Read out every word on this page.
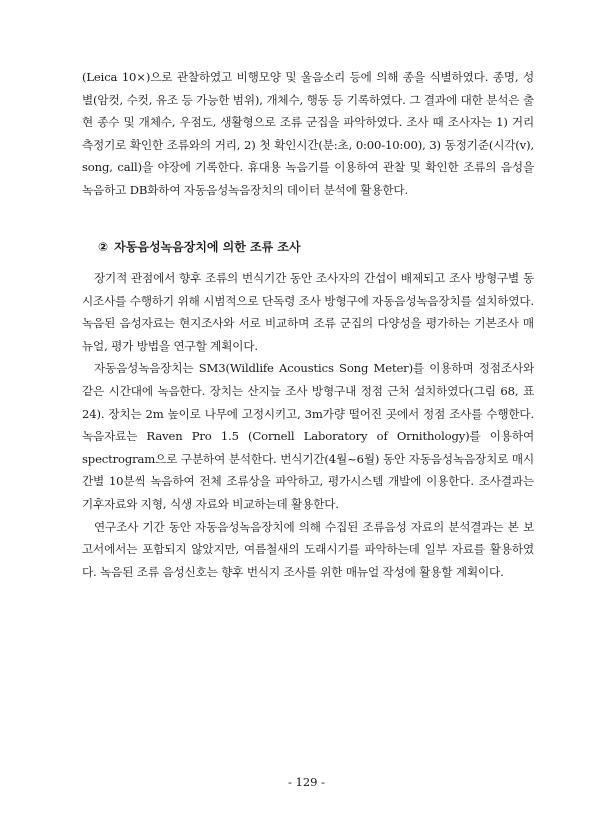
(Leica 10×)으로 관찰하였고 비행모양 및 울음소리 등에 의해 종을 식별하였다. 종명, 성별(암컷, 수컷, 유조 등 가능한 범위), 개체수, 행동 등 기록하였다. 그 결과에 대한 분석은 출현 종수 및 개체수, 우점도, 생활형으로 조류 군집을 파악하였다. 조사 때 조사자는 1) 거리측정기로 확인한 조류와의 거리, 2) 첫 확인시간(분:초, 0:00-10:00), 3) 동정기준(시각(v), song, call)을 야장에 기록한다. 휴대용 녹음기를 이용하여 관찰 및 확인한 조류의 음성을 녹음하고 DB화하여 자동음성녹음장치의 데이터 분석에 활용한다.

② 자동음성녹음장치에 의한 조류 조사

장기적 관점에서 향후 조류의 번식기간 동안 조사자의 간섭이 배제되고 조사 방형구별 동시조사를 수행하기 위해 시범적으로 단독령 조사 방형구에 자동음성녹음장치를 설치하였다. 녹음된 음성자료는 현지조사와 서로 비교하며 조류 군집의 다양성을 평가하는 기본조사 매뉴얼, 평가 방법을 연구할 계획이다.

자동음성녹음장치는 SM3(Wildlife Acoustics Song Meter)를 이용하며 정점조사와 같은 시간대에 녹음한다. 장치는 산지늪 조사 방형구내 정점 근처 설치하였다(그림 68, 표 24). 장치는 2m 높이로 나무에 고정시키고, 3m가량 떨어진 곳에서 정점 조사를 수행한다. 녹음자료는 Raven Pro 1.5 (Cornell Laboratory of Ornithology)를 이용하여 spectrogram으로 구분하여 분석한다. 번식기간(4월~6월) 동안 자동음성녹음장치로 매시간별 10분씩 녹음하여 전체 조류상을 파악하고, 평가시스템 개발에 이용한다. 조사결과는 기후자료와 지형, 식생 자료와 비교하는데 활용한다.

연구조사 기간 동안 자동음성녹음장치에 의해 수집된 조류음성 자료의 분석결과는 본 보고서에서는 포함되지 않았지만, 여름철새의 도래시기를 파악하는데 일부 자료를 활용하였다. 녹음된 조류 음성신호는 향후 번식지 조사를 위한 매뉴얼 작성에 활용할 계획이다.

- 129 -
